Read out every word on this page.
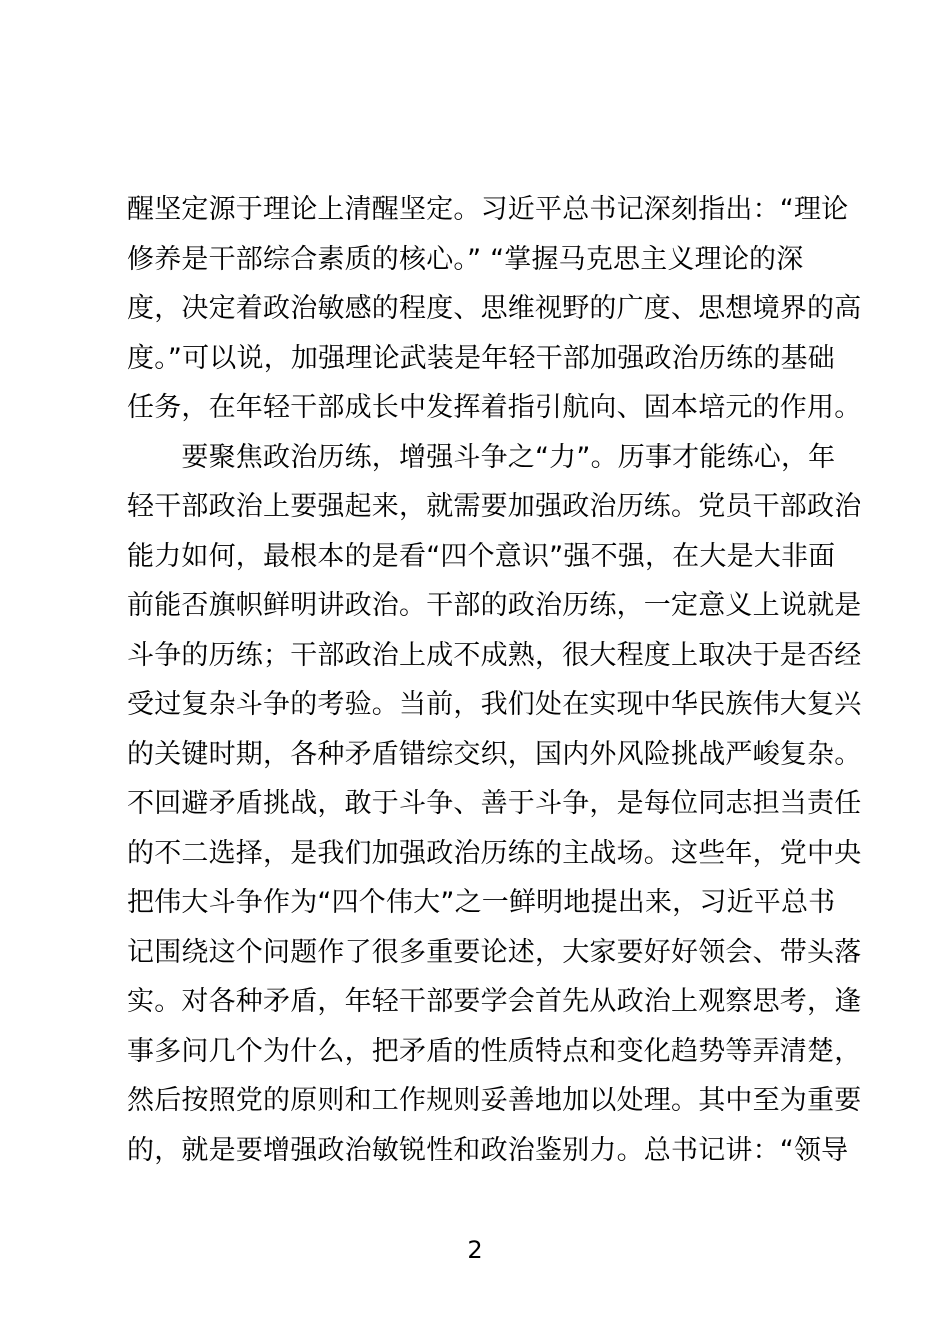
醒坚定源于理论上清醒坚定。习近平总书记深刻指出：“理论
修养是干部综合素质的核心。” “掌握马克思主义理论的深
度，决定着政治敏感的程度、思维视野的广度、思想境界的高
度。”可以说，加强理论武装是年轻干部加强政治历练的基础
任务，在年轻干部成长中发挥着指引航向、固本培元的作用。
　　要聚焦政治历练，增强斗争之“力”。历事才能练心，年
轻干部政治上要强起来，就需要加强政治历练。党员干部政治
能力如何，最根本的是看“四个意识”强不强，在大是大非面
前能否旗帜鲜明讲政治。干部的政治历练，一定意义上说就是
斗争的历练；干部政治上成不成熟，很大程度上取决于是否经
受过复杂斗争的考验。当前，我们处在实现中华民族伟大复兴
的关键时期，各种矛盾错综交织，国内外风险挑战严峻复杂。
不回避矛盾挑战，敢于斗争、善于斗争，是每位同志担当责任
的不二选择，是我们加强政治历练的主战场。这些年，党中央
把伟大斗争作为“四个伟大”之一鲜明地提出来，习近平总书
记围绕这个问题作了很多重要论述，大家要好好领会、带头落
实。对各种矛盾，年轻干部要学会首先从政治上观察思考，逢
事多问几个为什么，把矛盾的性质特点和变化趋势等弄清楚，
然后按照党的原则和工作规则妥善地加以处理。其中至为重要
的，就是要增强政治敏锐性和政治鉴别力。总书记讲：“领导
2
